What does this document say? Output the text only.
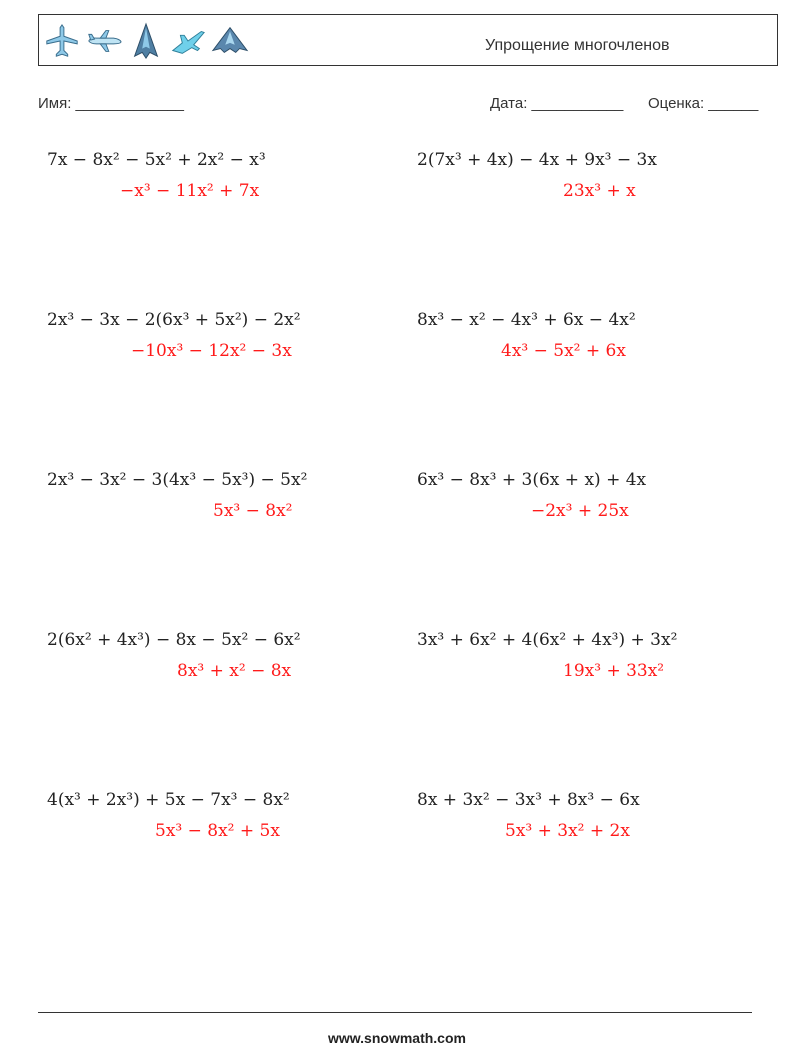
Упрощение многочленов
Имя: _____________	Дата: ___________ Оценка: ______
7x − 8x² − 5x² + 2x² − x³
−x³ − 11x² + 7x
2(7x³ + 4x) − 4x + 9x³ − 3x
23x³ + x
2x³ − 3x − 2(6x³ + 5x²) − 2x²
−10x³ − 12x² − 3x
8x³ − x² − 4x³ + 6x − 4x²
4x³ − 5x² + 6x
2x³ − 3x² − 3(4x³ − 5x³) − 5x²
5x³ − 8x²
6x³ − 8x³ + 3(6x + x) + 4x
−2x³ + 25x
2(6x² + 4x³) − 8x − 5x² − 6x²
8x³ + x² − 8x
3x³ + 6x² + 4(6x² + 4x³) + 3x²
19x³ + 33x²
4(x³ + 2x³) + 5x − 7x³ − 8x²
5x³ − 8x² + 5x
8x + 3x² − 3x³ + 8x³ − 6x
5x³ + 3x² + 2x
www.snowmath.com
